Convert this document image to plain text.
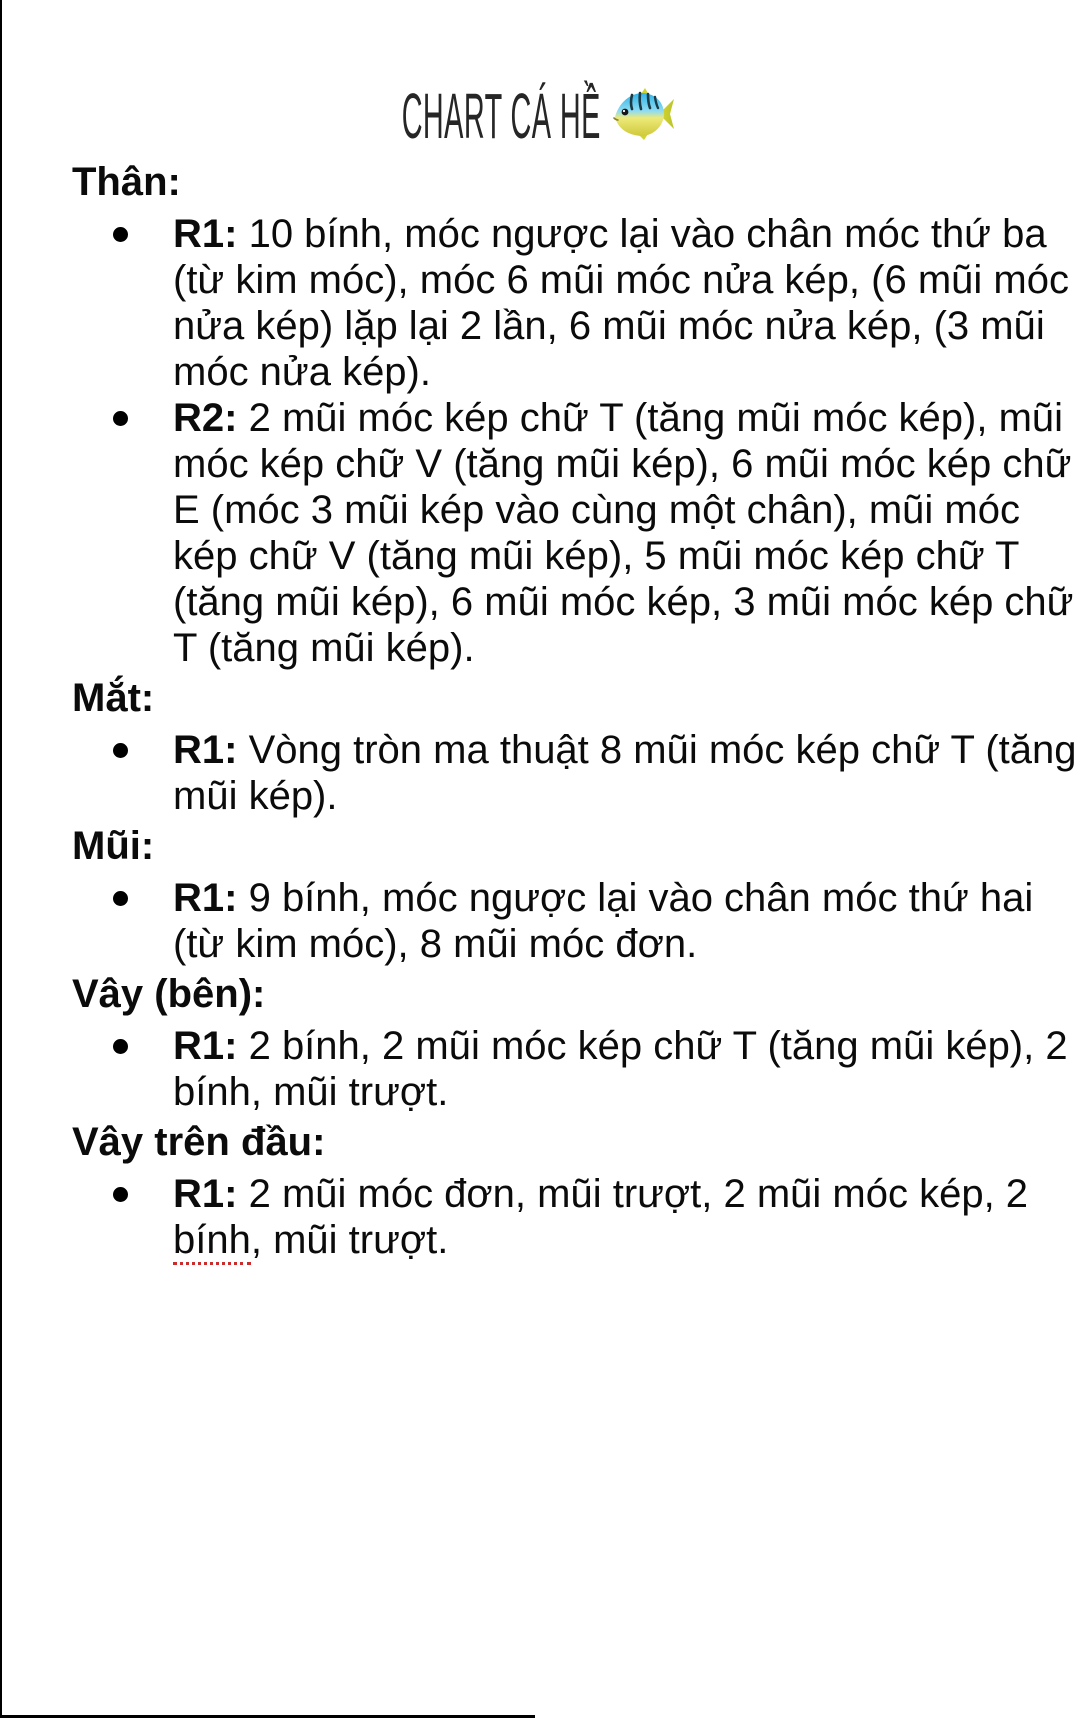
CHART CÁ HỀ
Thân:
R1: 10 bính, móc ngược lại vào chân móc thứ ba (từ kim móc), móc 6 mũi móc nửa kép, (6 mũi móc nửa kép) lặp lại 2 lần, 6 mũi móc nửa kép, (3 mũi móc nửa kép).
R2: 2 mũi móc kép chữ T (tăng mũi móc kép), mũi móc kép chữ V (tăng mũi kép), 6 mũi móc kép chữ E (móc 3 mũi kép vào cùng một chân), mũi móc kép chữ V (tăng mũi kép), 5 mũi móc kép chữ T (tăng mũi kép), 6 mũi móc kép, 3 mũi móc kép chữ T (tăng mũi kép).
Mắt:
R1: Vòng tròn ma thuật 8 mũi móc kép chữ T (tăng mũi kép).
Mũi:
R1: 9 bính, móc ngược lại vào chân móc thứ hai (từ kim móc), 8 mũi móc đơn.
Vây (bên):
R1: 2 bính, 2 mũi móc kép chữ T (tăng mũi kép), 2 bính, mũi trượt.
Vây trên đầu:
R1: 2 mũi móc đơn, mũi trượt, 2 mũi móc kép, 2 bính, mũi trượt.
